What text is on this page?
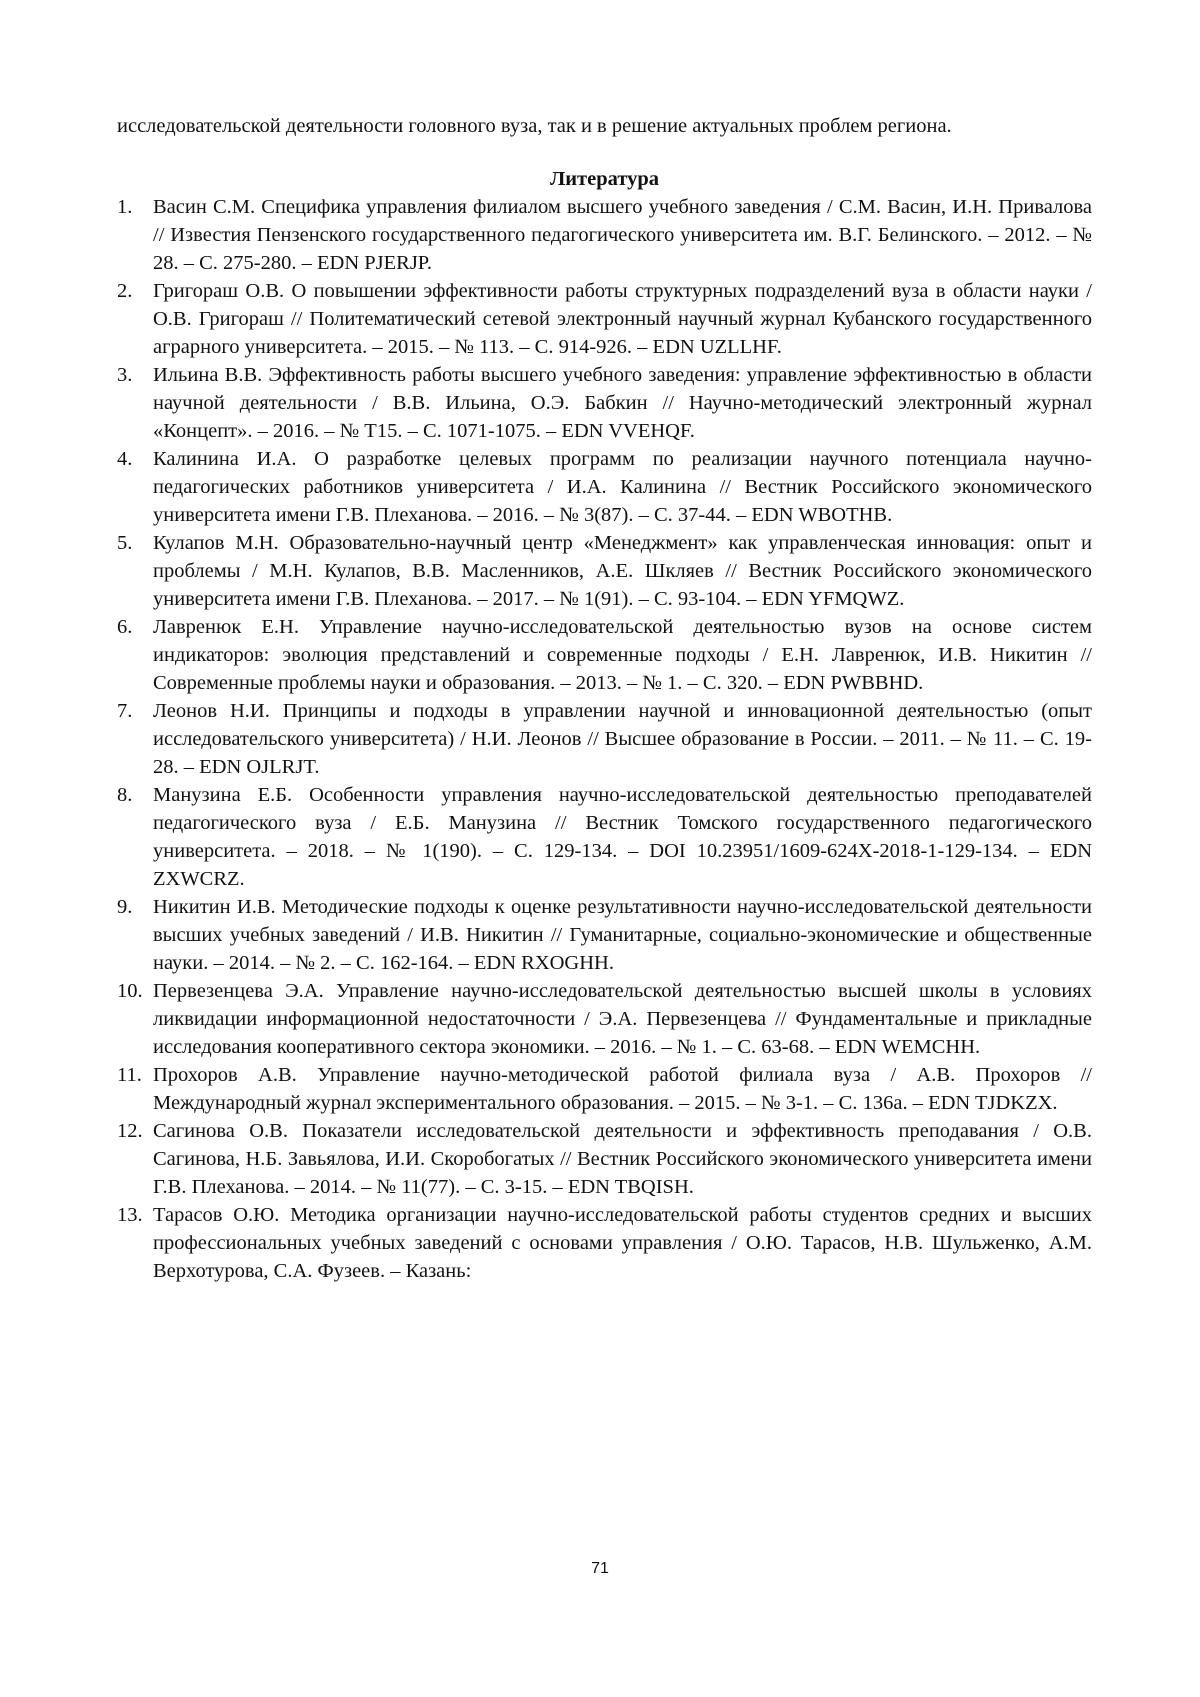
исследовательской деятельности головного вуза, так и в решение актуальных проблем региона.

Литература
1.	Васин С.М. Специфика управления филиалом высшего учебного заведения / С.М. Васин, И.Н. Привалова // Известия Пензенского государственного педагогического университета им. В.Г. Белинского. – 2012. – № 28. – С. 275-280. – EDN PJERJP.
2.	Григораш О.В. О повышении эффективности работы структурных подразделений вуза в области науки / О.В. Григораш // Политематический сетевой электронный научный журнал Кубанского государственного аграрного университета. – 2015. – № 113. – С. 914-926. – EDN UZLLHF.
3.	Ильина В.В. Эффективность работы высшего учебного заведения: управление эффективностью в области научной деятельности / В.В. Ильина, О.Э. Бабкин // Научно-методический электронный журнал «Концепт». – 2016. – № Т15. – С. 1071-1075. – EDN VVEHQF.
4.	Калинина И.А. О разработке целевых программ по реализации научного потенциала научно-педагогических работников университета / И.А. Калинина // Вестник Российского экономического университета имени Г.В. Плеханова. – 2016. – № 3(87). – С. 37-44. – EDN WBOTHB.
5.	Кулапов М.Н. Образовательно-научный центр «Менеджмент» как управленческая инновация: опыт и проблемы / М.Н. Кулапов, В.В. Масленников, А.Е. Шкляев // Вестник Российского экономического университета имени Г.В. Плеханова. – 2017. – № 1(91). – С. 93-104. – EDN YFMQWZ.
6.	Лавренюк Е.Н. Управление научно-исследовательской деятельностью вузов на основе систем индикаторов: эволюция представлений и современные подходы / Е.Н. Лавренюк, И.В. Никитин // Современные проблемы науки и образования. – 2013. – № 1. – С. 320. – EDN PWBBHD.
7.	Леонов Н.И. Принципы и подходы в управлении научной и инновационной деятельностью (опыт исследовательского университета) / Н.И. Леонов // Высшее образование в России. – 2011. – № 11. – С. 19-28. – EDN OJLRJT.
8.	Манузина Е.Б. Особенности управления научно-исследовательской деятельностью преподавателей педагогического вуза / Е.Б. Манузина // Вестник Томского государственного педагогического университета. – 2018. – № 1(190). – С. 129-134. – DOI 10.23951/1609-624X-2018-1-129-134. – EDN ZXWCRZ.
9.	Никитин И.В. Методические подходы к оценке результативности научно-исследовательской деятельности высших учебных заведений / И.В. Никитин // Гуманитарные, социально-экономические и общественные науки. – 2014. – № 2. – С. 162-164. – EDN RXOGHH.
10. Первезенцева Э.А. Управление научно-исследовательской деятельностью высшей школы в условиях ликвидации информационной недостаточности / Э.А. Первезенцева // Фундаментальные и прикладные исследования кооперативного сектора экономики. – 2016. – № 1. – С. 63-68. – EDN WEMCHH.
11. Прохоров А.В. Управление научно-методической работой филиала вуза / А.В. Прохоров // Международный журнал экспериментального образования. – 2015. – № 3-1. – С. 136а. – EDN TJDKZX.
12. Сагинова О.В. Показатели исследовательской деятельности и эффективность преподавания / О.В. Сагинова, Н.Б. Завьялова, И.И. Скоробогатых // Вестник Российского экономического университета имени Г.В. Плеханова. – 2014. – № 11(77). – С. 3-15. – EDN TBQISH.
13. Тарасов О.Ю. Методика организации научно-исследовательской работы студентов средних и высших профессиональных учебных заведений с основами управления / О.Ю. Тарасов, Н.В. Шульженко, А.М. Верхотурова, С.А. Фузеев. – Казань:
71
